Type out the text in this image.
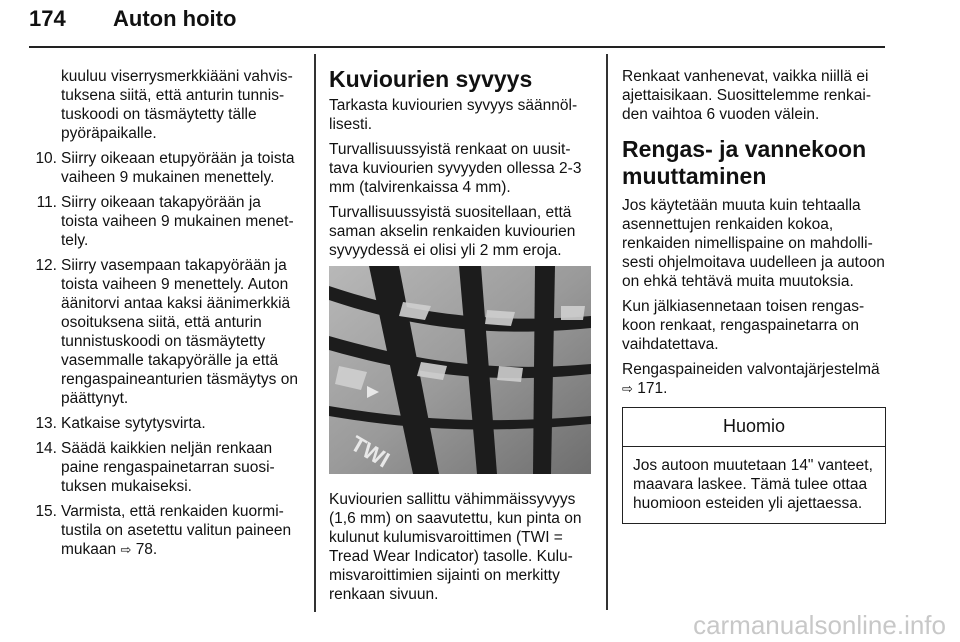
174 Auton hoito

kuuluu viserrysmerkkiääni vahvistuksena siitä, että anturin tunnistuskoodi on täsmäytetty tälle pyöräpaikalle.

10. Siirry oikeaan etupyörään ja toista vaiheen 9 mukainen menettely.
11. Siirry oikeaan takapyörään ja toista vaiheen 9 mukainen menettely.
12. Siirry vasempaan takapyörään ja toista vaiheen 9 menettely. Auton äänitorvi antaa kaksi äänimerkkiä osoituksena siitä, että anturin tunnistuskoodi on täsmäytetty vasemmalle takapyörälle ja että rengaspaineanturien täsmäytys on päättynyt.
13. Katkaise sytytysvirta.
14. Säädä kaikkien neljän renkaan paine rengaspainetarran suosituksen mukaiseksi.
15. Varmista, että renkaiden kuormitustila on asetettu valitun paineen mukaan ⇨ 78.
Kuviourien syvyys

Tarkasta kuviourien syvyys säännöllisesti.

Turvallisuussyistä renkaat on uusittava kuviourien syvyyden ollessa 2-3 mm (talvirenkaissa 4 mm).

Turvallisuussyistä suositellaan, että saman akselin renkaiden kuviourien syvyydessä ei olisi yli 2 mm eroja.

TWI

Kuviourien sallittu vähimmäissyvyys (1,6 mm) on saavutettu, kun pinta on kulunut kulumisvaroittimen (TWI = Tread Wear Indicator) tasolle. Kulumisvaroittimien sijainti on merkitty renkaan sivuun.

Renkaat vanhenevat, vaikka niillä ei ajettaisikaan. Suosittelemme renkaiden vaihtoa 6 vuoden välein.

Rengas- ja vannekoon muuttaminen

Jos käytetään muuta kuin tehtaalla asennettujen renkaiden kokoa, renkaiden nimellispaine on mahdollisesti ohjelmoitava uudelleen ja autoon on ehkä tehtävä muita muutoksia.

Kun jälkiasennetaan toisen rengaskoon renkaat, rengaspainetarra on vaihdatettava.

Rengaspaineiden valvontajärjestelmä ⇨ 171.

Huomio
Jos autoon muutetaan 14" vanteet, maavara laskee. Tämä tulee ottaa huomioon esteiden yli ajettaessa.
carmanualsonline.info
